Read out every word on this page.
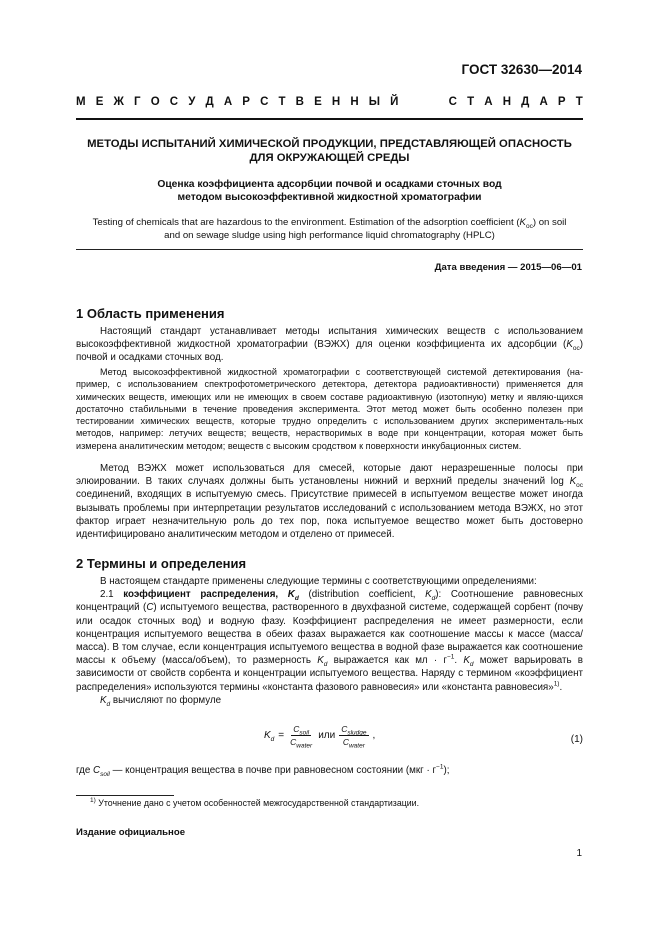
ГОСТ 32630—2014
М Е Ж Г О С У Д А Р С Т В Е Н Н Ы Й	С Т А Н Д А Р Т
МЕТОДЫ ИСПЫТАНИЙ ХИМИЧЕСКОЙ ПРОДУКЦИИ, ПРЕДСТАВЛЯЮЩЕЙ ОПАСНОСТЬ
ДЛЯ ОКРУЖАЮЩЕЙ СРЕДЫ
Оценка коэффициента адсорбции почвой и осадками сточных вод
методом высокоэффективной жидкостной хроматографии
Testing of chemicals that are hazardous to the environment. Estimation of the adsorption coefficient $(K_{oc})$ on soil
and on sewage sludge using high performance liquid chromatography (HPLC)
Дата введения — 2015—06—01
1 Область применения

Настоящий стандарт устанавливает методы испытания химических веществ с использованием высокоэффективной жидкостной хроматографии (ВЭЖХ) для оценки коэффициента их адсорбции $(K_{oc})$ почвой и осадками сточных вод.

Метод высокоэффективной жидкостной хроматографии с соответствующей системой детектирования (на-пример, с использованием спектрофотометрического детектора, детектора радиоактивности) применяется для химических веществ, имеющих или не имеющих в своем составе радиоактивную (изотопную) метку и являю-щихся достаточно стабильными в течение проведения эксперимента. Этот метод может быть особенно полезен при тестировании химических веществ, которые трудно определить с использованием других эксперименталь-ных методов, например: летучих веществ; веществ, нерастворимых в воде при концентрации, которая может быть измерена аналитическим методом; веществ с высоким сродством к поверхности инкубационных систем.

Метод ВЭЖХ может использоваться для смесей, которые дают неразрешенные полосы при элюировании. В таких случаях должны быть установлены нижний и верхний пределы значений $\log K_{oc}$ соединений, входящих в испытуемую смесь. Присутствие примесей в испытуемом веществе может иногда вызывать проблемы при интерпретации результатов исследований с использованием метода ВЭЖХ, но этот фактор играет незначительную роль до тех пор, пока испытуемое вещество может быть достоверно идентифицировано аналитическим методом и отделено от примесей.

2 Термины и определения

В настоящем стандарте применены следующие термины с соответствующими определениями:

2.1 коэффициент распределения, $K_d$ (distribution coefficient, $K_d$): Соотношение равновесных концентраций (C) испытуемого вещества, растворенного в двухфазной системе, содержащей сорбент (почву или осадок сточных вод) и водную фазу. Коэффициент распределения не имеет размерности, если концентрация испытуемого вещества в обеих фазах выражается как соотношение массы к массе (масса/масса). В том случае, если концентрация испытуемого вещества в водной фазе выражается как соотношение массы к объему (масса/объем), то размерность $K_d$ выражается как мл · $г^{-1}$. $K_d$ может варьировать в зависимости от свойств сорбента и концентрации испытуемого вещества. Наряду с термином «коэффициент распределения» используются термины «константа фазового равновесия» или «константа равновесия»$^{1)}$.

$K_d$ вычисляют по формуле

$K_d = \frac{C_{soil}}{C_{water}}$ или $\frac{C_{sludge}}{C_{water}}$ ,	(1)
где $C_{soil}$ — концентрация вещества в почве при равновесном состоянии $(мкг \cdot г^{-1})$;
$^{1)}$ Уточнение дано с учетом особенностей межгосударственной стандартизации.
Издание официальное
1
